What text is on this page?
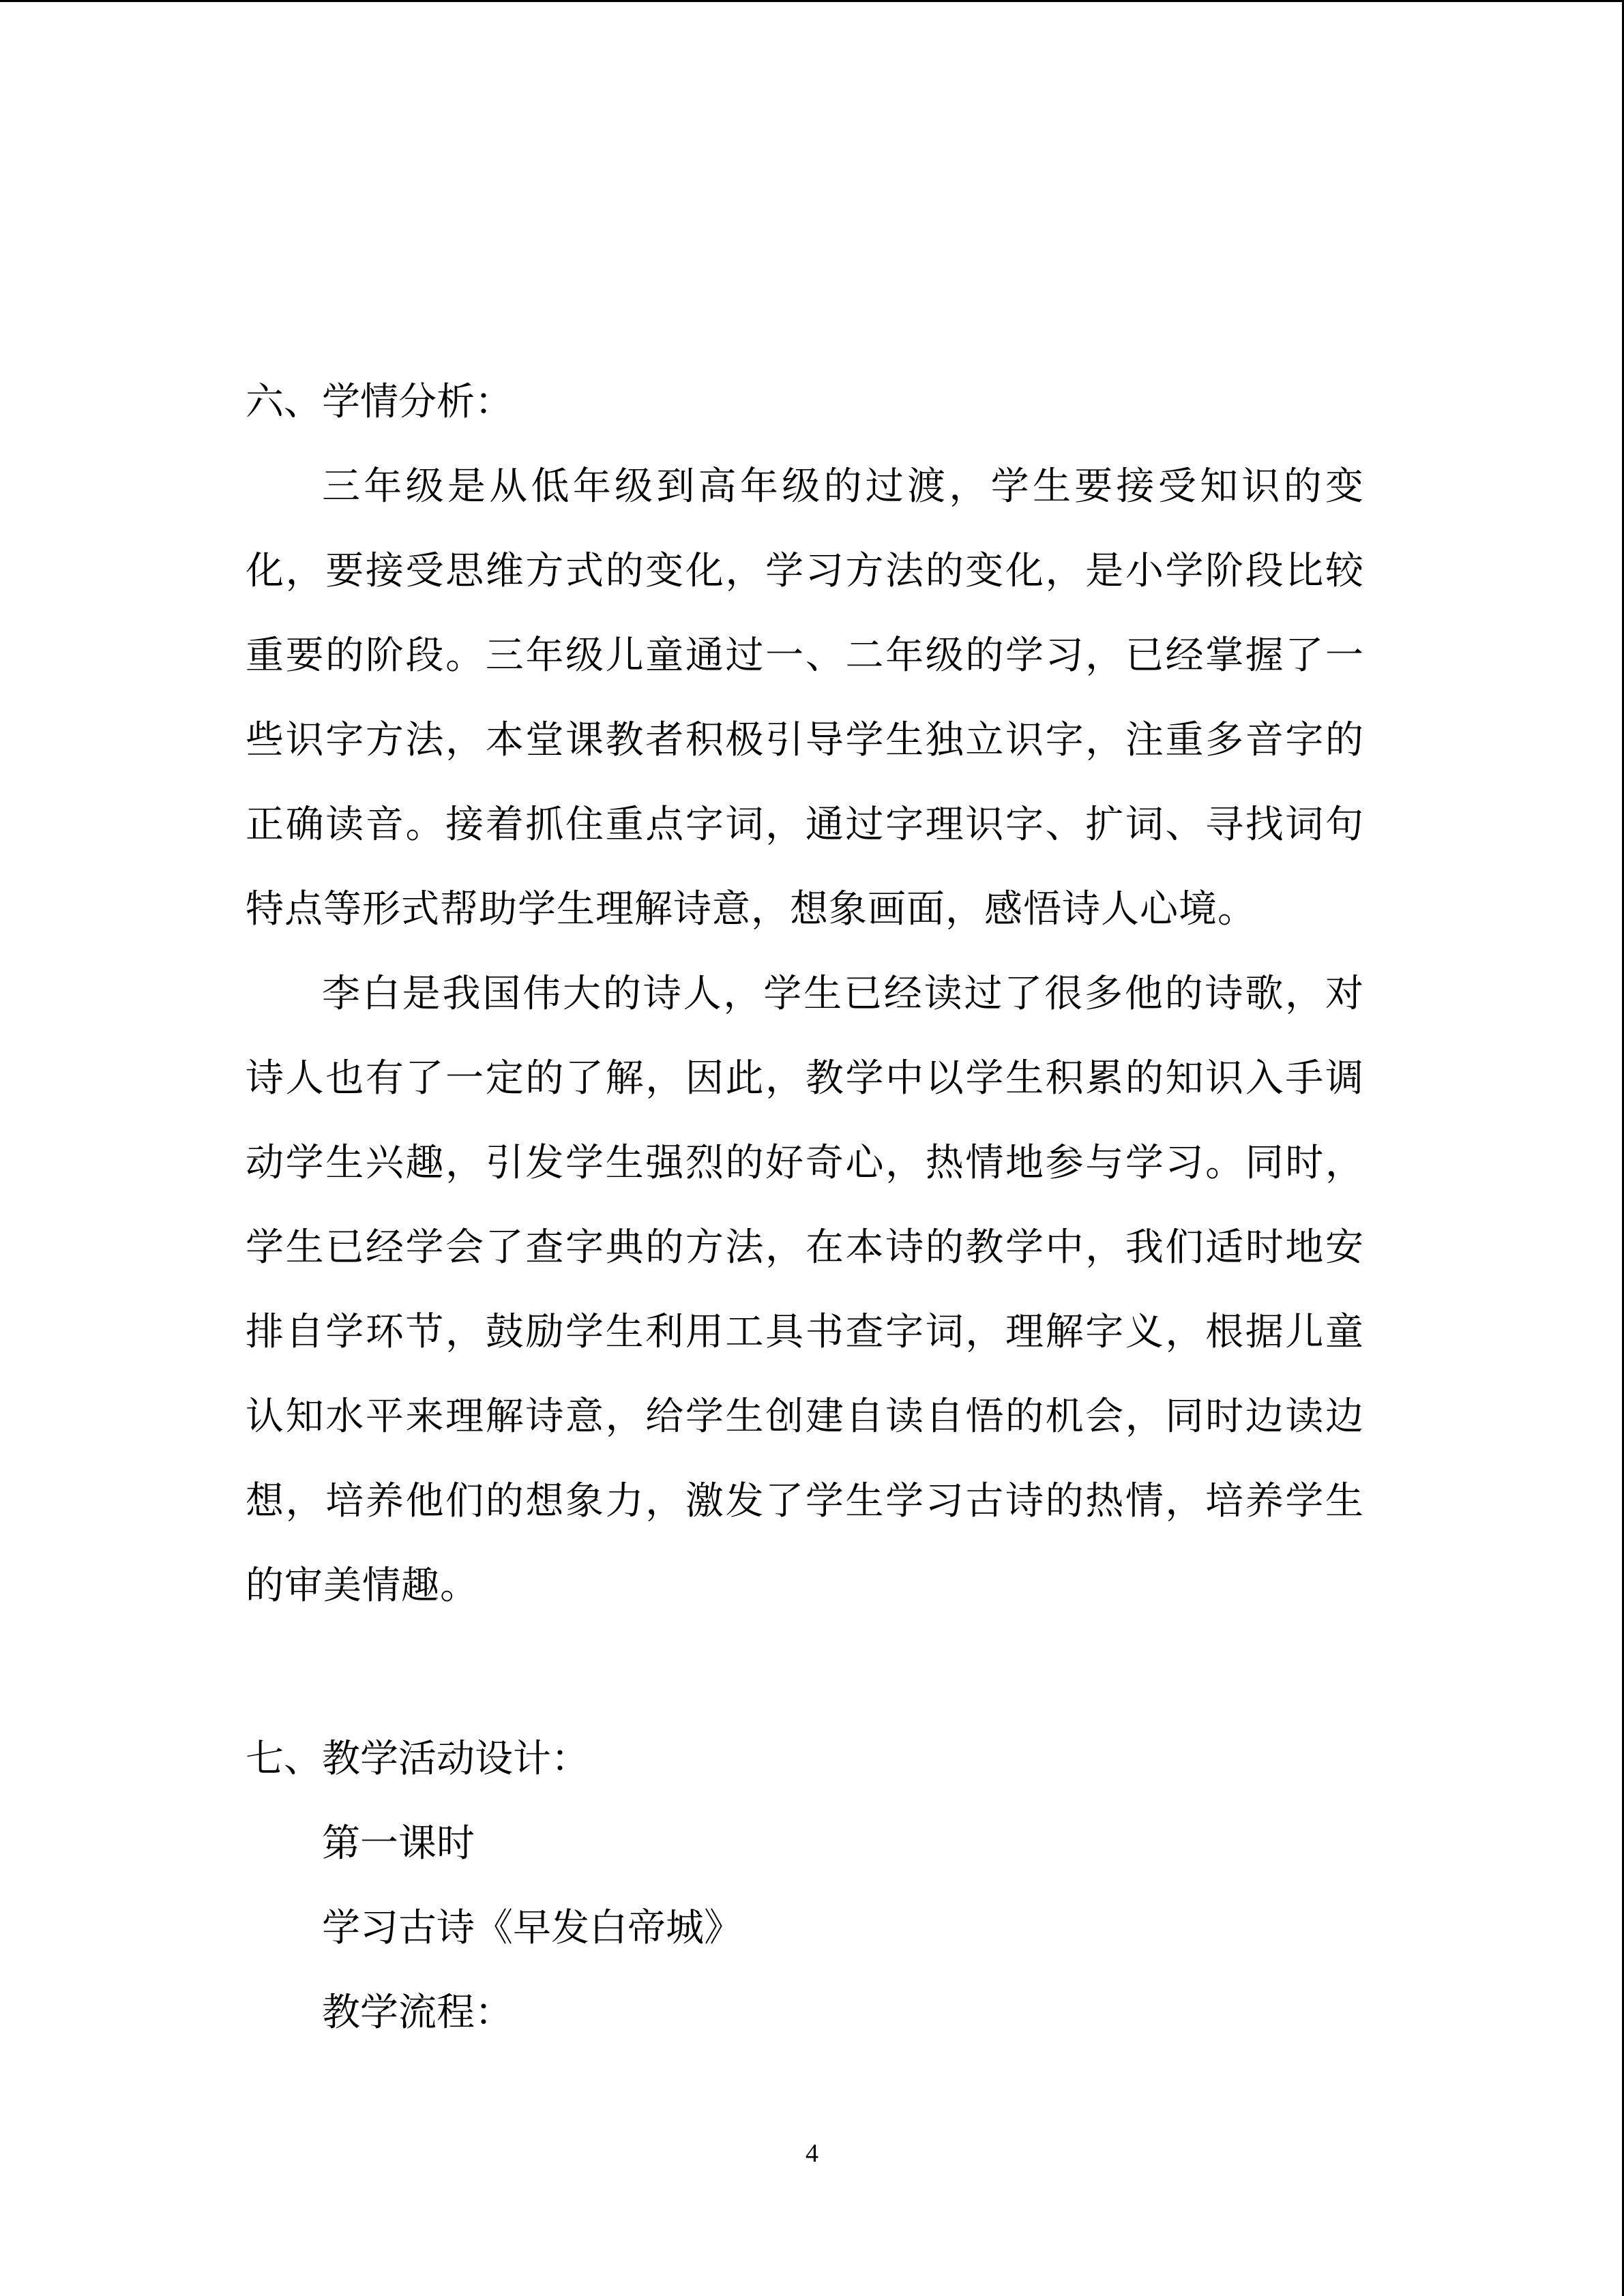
六、学情分析：

三年级是从低年级到高年级的过渡，学生要接受知识的变化，要接受思维方式的变化，学习方法的变化，是小学阶段比较重要的阶段。三年级儿童通过一、二年级的学习，已经掌握了一些识字方法，本堂课教者积极引导学生独立识字，注重多音字的正确读音。接着抓住重点字词，通过字理识字、扩词、寻找词句特点等形式帮助学生理解诗意，想象画面，感悟诗人心境。

李白是我国伟大的诗人，学生已经读过了很多他的诗歌，对诗人也有了一定的了解，因此，教学中以学生积累的知识入手调动学生兴趣，引发学生强烈的好奇心，热情地参与学习。同时，学生已经学会了查字典的方法，在本诗的教学中，我们适时地安排自学环节，鼓励学生利用工具书查字词，理解字义，根据儿童认知水平来理解诗意，给学生创建自读自悟的机会，同时边读边想，培养他们的想象力，激发了学生学习古诗的热情，培养学生的审美情趣。

七、教学活动设计：

第一课时

学习古诗《早发白帝城》

教学流程：

4
